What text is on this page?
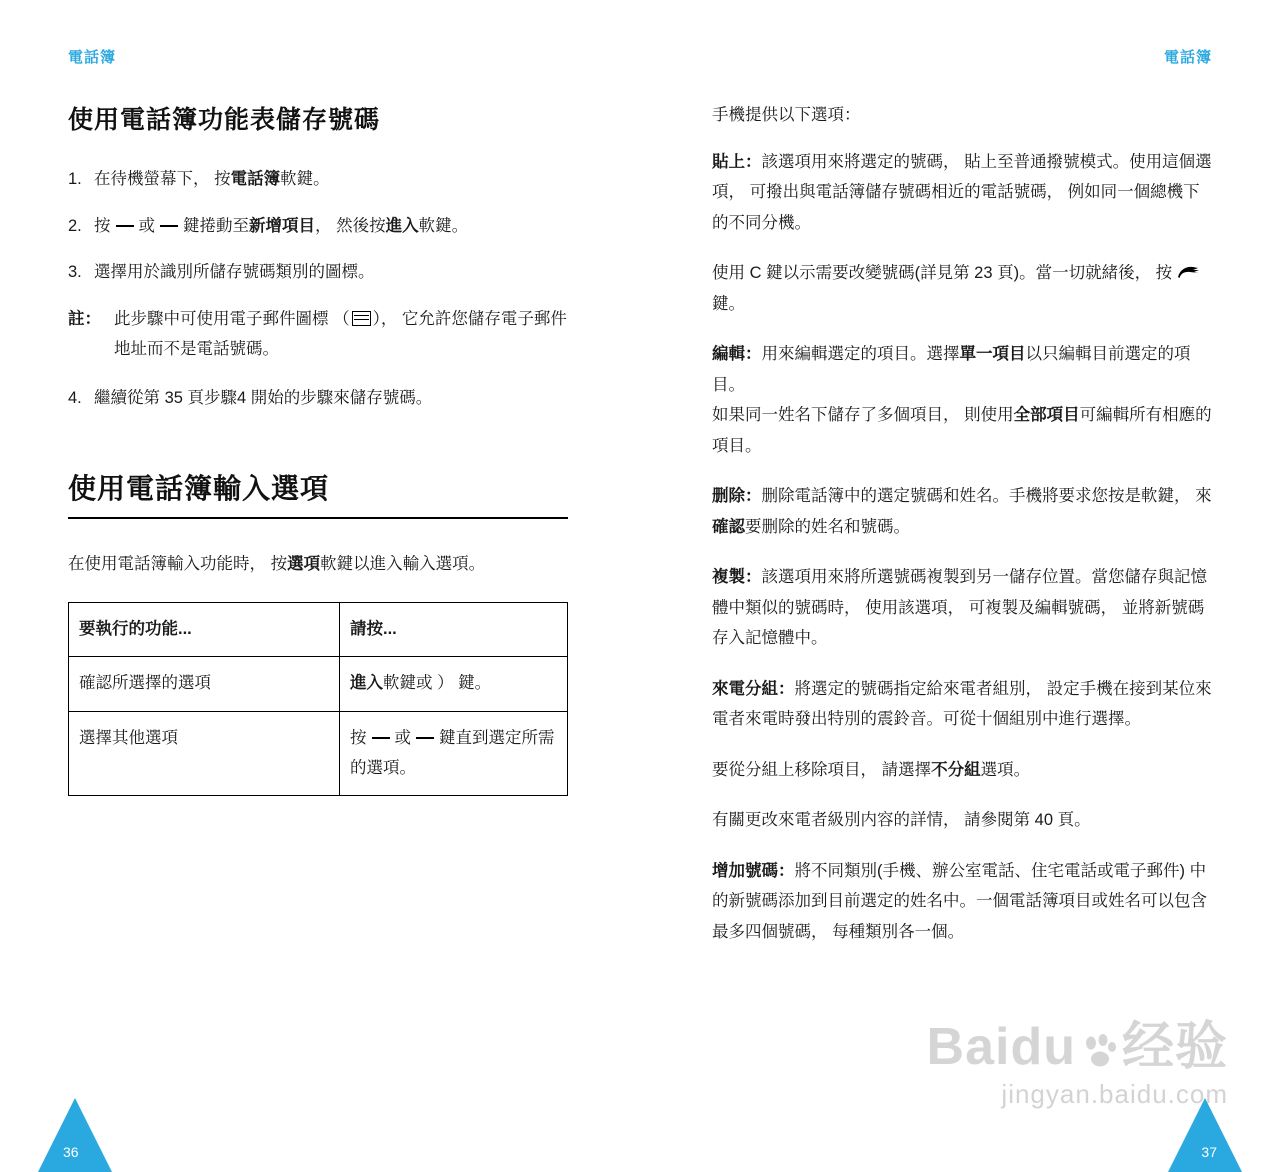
電話簿	電話簿
使用電話簿功能表儲存號碼
1. 在待機螢幕下， 按電話簿軟鍵。
2. 按 或 鍵捲動至新增項目， 然後按進入軟鍵。
3. 選擇用於識別所儲存號碼類別的圖標。
註： 此步驟中可使用電子郵件圖標 （ ）， 它允許您儲存電子郵件地址而不是電話號碼。
4. 繼續從第 35 頁步驟4 開始的步驟來儲存號碼。
使用電話簿輸入選項

在使用電話簿輸入功能時， 按選項軟鍵以進入輸入選項。

要執行的功能...	請按...
確認所選擇的選項	進入軟鍵或 ） 鍵。
選擇其他選項	按 或 鍵直到選定所需的選項。

手機提供以下選項：

貼上：該選項用來將選定的號碼， 貼上至普通撥號模式。使用這個選項， 可撥出與電話簿儲存號碼相近的電話號碼， 例如同一個總機下的不同分機。

使用 C 鍵以示需要改變號碼(詳見第 23 頁)。當一切就緒後， 按
鍵。

編輯：用來編輯選定的項目。選擇單一項目以只編輯目前選定的項目。
如果同一姓名下儲存了多個項目， 則使用全部項目可編輯所有相應的項目。

删除：删除電話簿中的選定號碼和姓名。手機將要求您按是軟鍵， 來確認要删除的姓名和號碼。

複製：該選項用來將所選號碼複製到另一儲存位置。當您儲存與記憶體中類似的號碼時， 使用該選項， 可複製及編輯號碼， 並將新號碼存入記憶體中。

來電分組：將選定的號碼指定給來電者組別， 設定手機在接到某位來電者來電時發出特別的震鈴音。可從十個組別中進行選擇。

要從分組上移除項目， 請選擇不分組選項。

有關更改來電者級別内容的詳情， 請參閱第 40 頁。

增加號碼：將不同類別(手機、辦公室電話、住宅電話或電子郵件) 中的新號碼添加到目前選定的姓名中。一個電話簿項目或姓名可以包含最多四個號碼， 每種類別各一個。

Baidu 经验
jingyan.baidu.com
36	37
